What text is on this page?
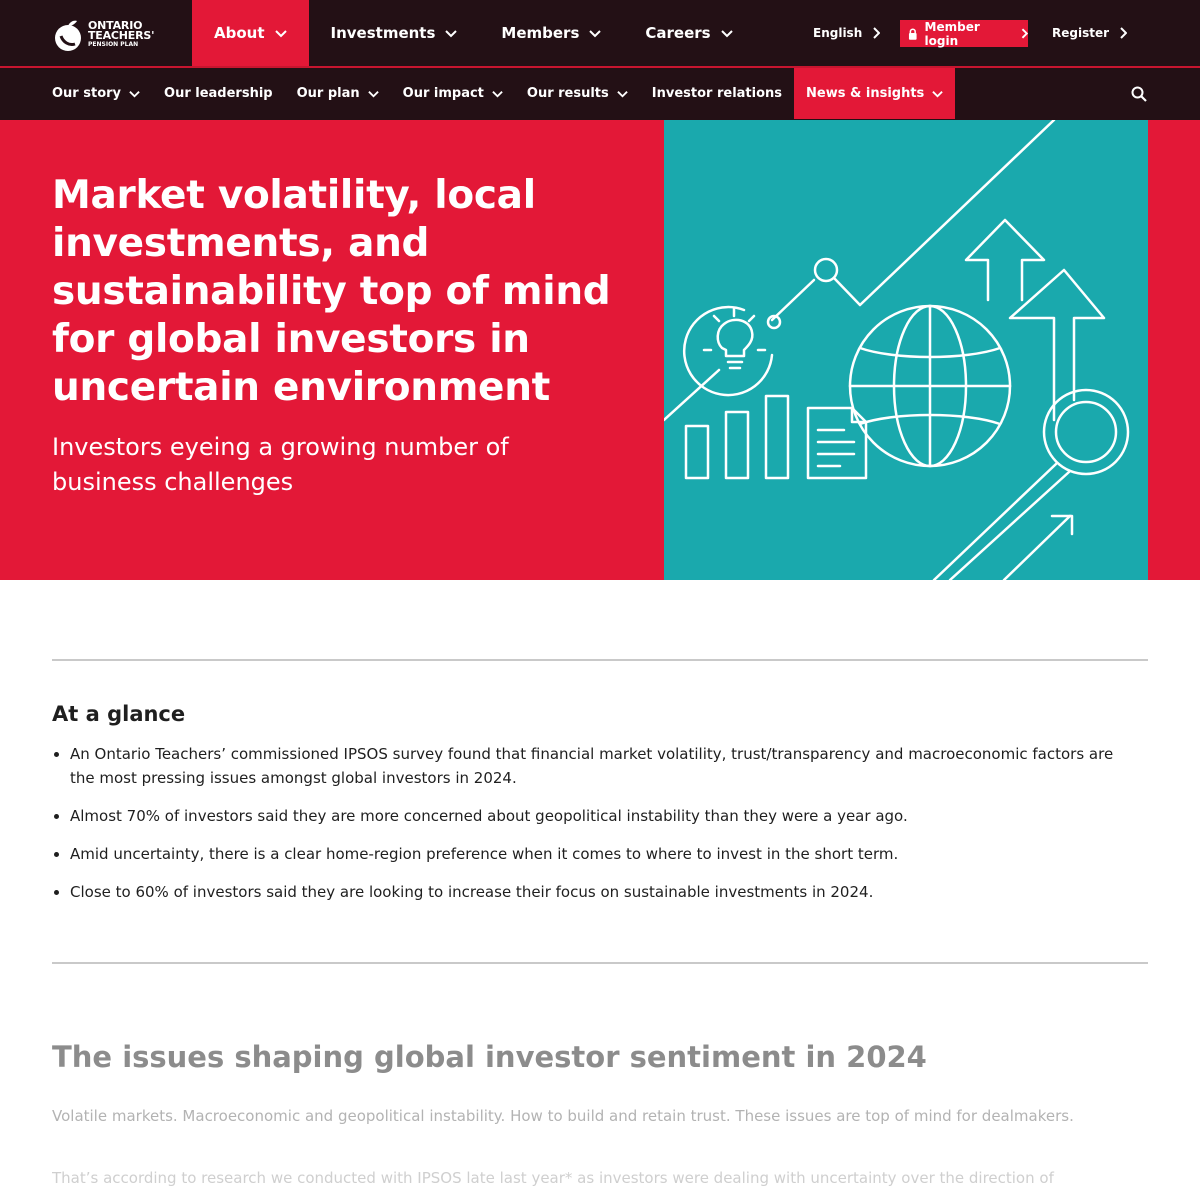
ONTARIO
TEACHERS'
PENSION PLAN
About	Investments	Members	Careers	English	Member login
Register
Our story	Our leadership Our plan	Our impact	Our results	Investor relations News & insights
Market volatility, local investments, and sustainability top of mind for global investors in uncertain environment

Investors eyeing a growing number of business challenges

At a glance
An Ontario Teachers’ commissioned IPSOS survey found that financial market volatility, trust/transparency and macroeconomic factors are the most pressing issues amongst global investors in 2024.
Almost 70% of investors said they are more concerned about geopolitical instability than they were a year ago.
Amid uncertainty, there is a clear home-region preference when it comes to where to invest in the short term.
Close to 60% of investors said they are looking to increase their focus on sustainable investments in 2024.
The issues shaping global investor sentiment in 2024

Volatile markets. Macroeconomic and geopolitical instability. How to build and retain trust. These issues are top of mind for dealmakers.

That’s according to research we conducted with IPSOS late last year* as investors were dealing with uncertainty over the direction of
